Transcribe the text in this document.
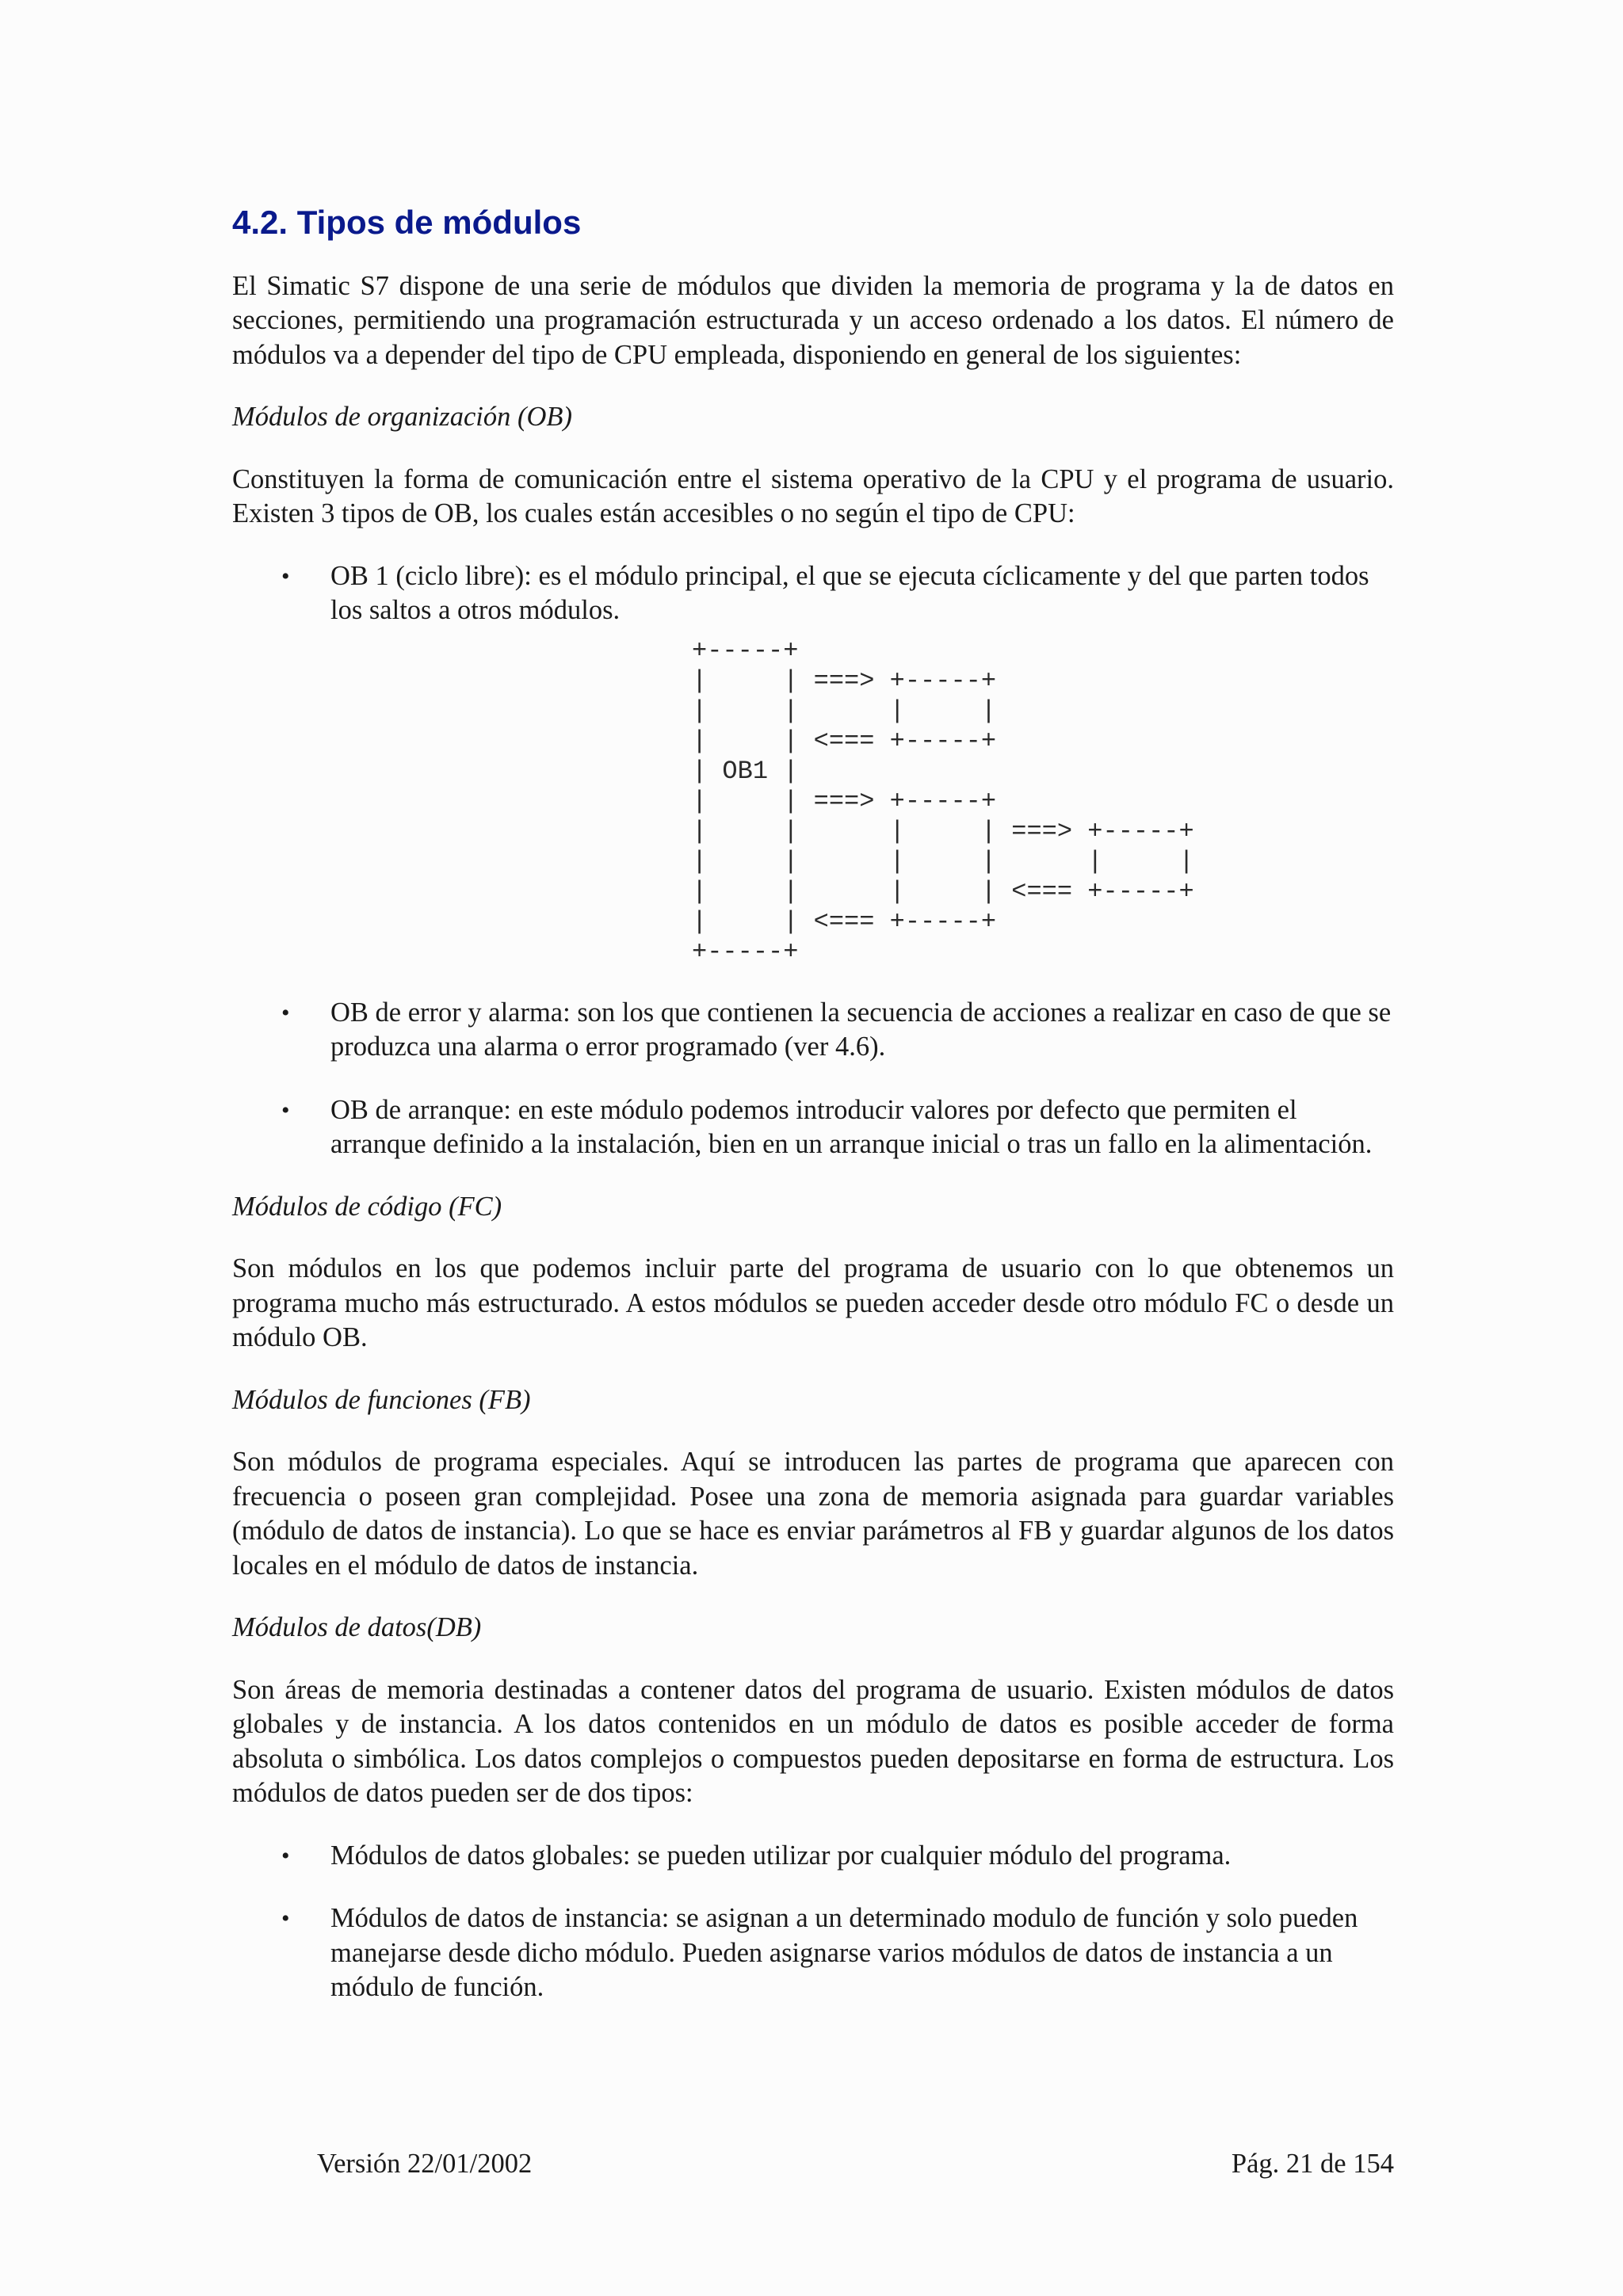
4.2. Tipos de módulos

El Simatic S7 dispone de una serie de módulos que dividen la memoria de programa y la de datos en secciones, permitiendo una programación estructurada y un acceso ordenado a los datos. El número de módulos va a depender del tipo de CPU empleada, disponiendo en general de los siguientes:

Módulos de organización (OB)

Constituyen la forma de comunicación entre el sistema operativo de la CPU y el programa de usuario. Existen 3 tipos de OB, los cuales están accesibles o no según el tipo de CPU:

• OB 1 (ciclo libre): es el módulo principal, el que se ejecuta cíclicamente y del que parten todos los saltos a otros módulos.
+-----+
|     | ===> +-----+
|     |      |     |
|     | <=== +-----+
| OB1 |
|     | ===> +-----+
|     |      |     | ===> +-----+
|     |      |     |      |     |
|     |      |     | <=== +-----+
|     | <=== +-----+
+-----+
• OB de error y alarma: son los que contienen la secuencia de acciones a realizar en caso de que se produzca una alarma o error programado (ver 4.6).
• OB de arranque: en este módulo podemos introducir valores por defecto que permiten el arranque definido a la instalación, bien en un arranque inicial o tras un fallo en la alimentación.

Módulos de código (FC)

Son módulos en los que podemos incluir parte del programa de usuario con lo que obtenemos un programa mucho más estructurado. A estos módulos se pueden acceder desde otro módulo FC o desde un módulo OB.

Módulos de funciones (FB)

Son módulos de programa especiales. Aquí se introducen las partes de programa que aparecen con frecuencia o poseen gran complejidad. Posee una zona de memoria asignada para guardar variables (módulo de datos de instancia). Lo que se hace es enviar parámetros al FB y guardar algunos de los datos locales en el módulo de datos de instancia.

Módulos de datos(DB)

Son áreas de memoria destinadas a contener datos del programa de usuario. Existen módulos de datos globales y de instancia. A los datos contenidos en un módulo de datos es posible acceder de forma absoluta o simbólica. Los datos complejos o compuestos pueden depositarse en forma de estructura. Los módulos de datos pueden ser de dos tipos:

• Módulos de datos globales: se pueden utilizar por cualquier módulo del programa.
• Módulos de datos de instancia: se asignan a un determinado modulo de función y solo pueden manejarse desde dicho módulo. Pueden asignarse varios módulos de datos de instancia a un módulo de función.
Versión 22/01/2002	Pág. 21 de 154
